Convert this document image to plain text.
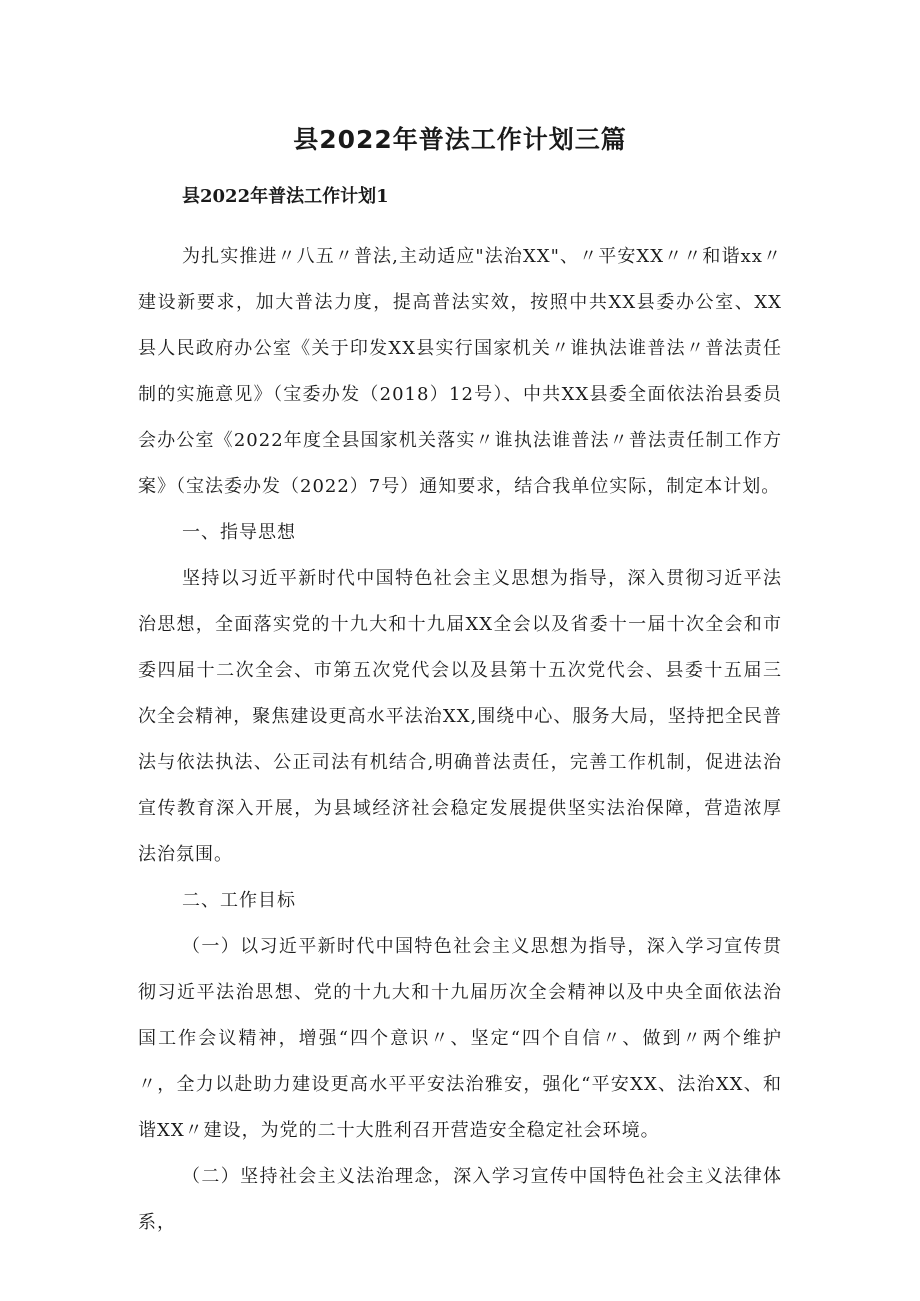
县2022年普法工作计划三篇

县2022年普法工作计划1

为扎实推进〃八五〃普法,主动适应"法治XX"、〃平安XX〃〃和谐xx〃建设新要求，加大普法力度，提高普法实效，按照中共XX县委办公室、XX县人民政府办公室《关于印发XX县实行国家机关〃谁执法谁普法〃普法责任制的实施意见》（宝委办发（2018）12号）、中共XX县委全面依法治县委员会办公室《2022年度全县国家机关落实〃谁执法谁普法〃普法责任制工作方案》（宝法委办发（2022）7号）通知要求，结合我单位实际，制定本计划。

一、指导思想

坚持以习近平新时代中国特色社会主义思想为指导，深入贯彻习近平法治思想，全面落实党的十九大和十九届XX全会以及省委十一届十次全会和市委四届十二次全会、市第五次党代会以及县第十五次党代会、县委十五届三次全会精神，聚焦建设更高水平法治XX,围绕中心、服务大局，坚持把全民普法与依法执法、公正司法有机结合,明确普法责任，完善工作机制，促进法治宣传教育深入开展，为县域经济社会稳定发展提供坚实法治保障，营造浓厚法治氛围。

二、工作目标

（一）以习近平新时代中国特色社会主义思想为指导，深入学习宣传贯彻习近平法治思想、党的十九大和十九届历次全会精神以及中央全面依法治国工作会议精神，增强“四个意识〃、坚定“四个自信〃、做到〃两个维护〃，全力以赴助力建设更高水平平安法治雅安，强化“平安XX、法治XX、和谐XX〃建设，为党的二十大胜利召开营造安全稳定社会环境。

（二）坚持社会主义法治理念，深入学习宣传中国特色社会主义法律体系，
